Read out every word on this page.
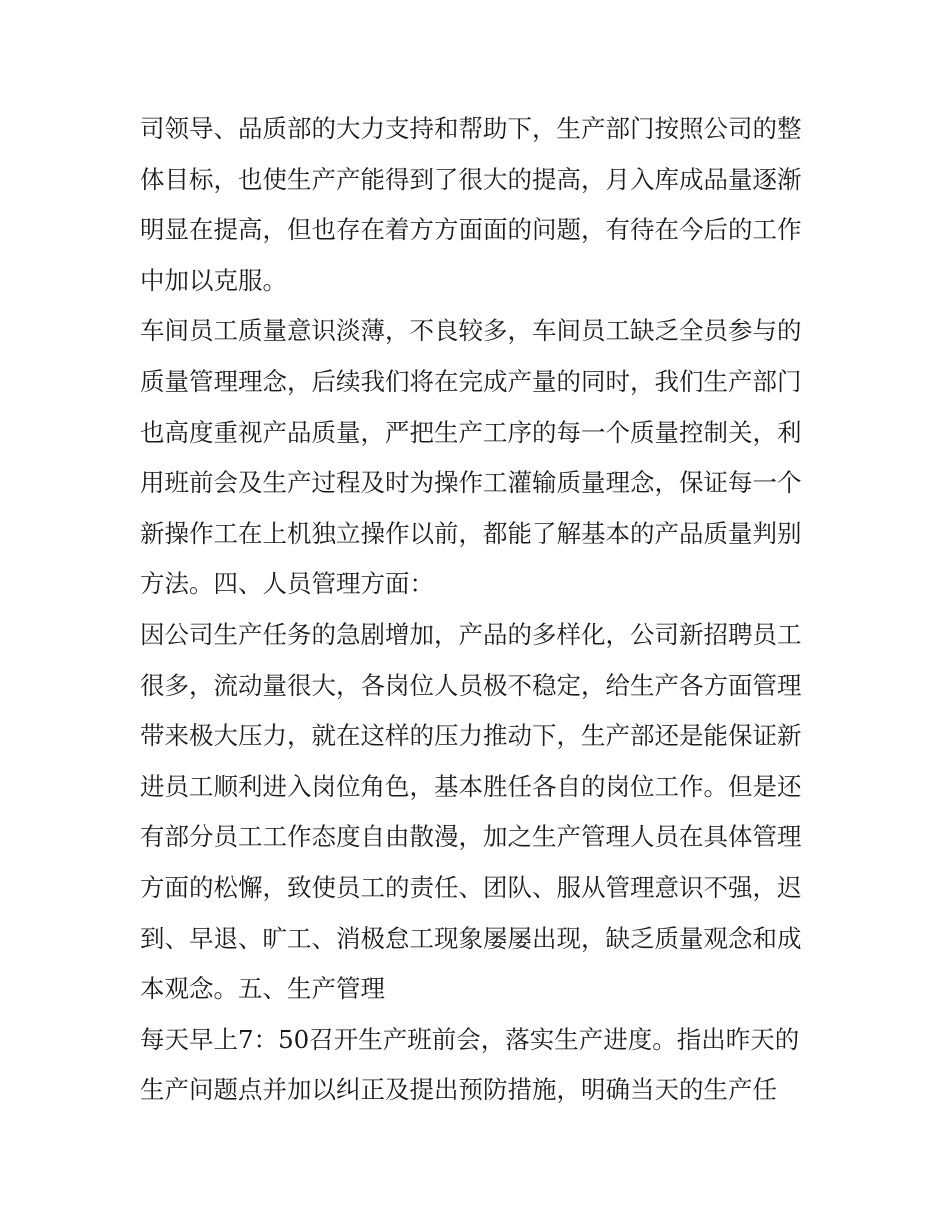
司领导、品质部的大力支持和帮助下，生产部门按照公司的整
体目标，也使生产产能得到了很大的提高，月入库成品量逐渐
明显在提高，但也存在着方方面面的问题，有待在今后的工作
中加以克服。
车间员工质量意识淡薄，不良较多，车间员工缺乏全员参与的
质量管理理念，后续我们将在完成产量的同时，我们生产部门
也高度重视产品质量，严把生产工序的每一个质量控制关，利
用班前会及生产过程及时为操作工灌输质量理念，保证每一个
新操作工在上机独立操作以前，都能了解基本的产品质量判别
方法。四、人员管理方面：
因公司生产任务的急剧增加，产品的多样化，公司新招聘员工
很多，流动量很大，各岗位人员极不稳定，给生产各方面管理
带来极大压力，就在这样的压力推动下，生产部还是能保证新
进员工顺利进入岗位角色，基本胜任各自的岗位工作。但是还
有部分员工工作态度自由散漫，加之生产管理人员在具体管理
方面的松懈，致使员工的责任、团队、服从管理意识不强，迟
到、早退、旷工、消极怠工现象屡屡出现，缺乏质量观念和成
本观念。五、生产管理
每天早上7：50召开生产班前会，落实生产进度。指出昨天的
生产问题点并加以纠正及提出预防措施，明确当天的生产任
